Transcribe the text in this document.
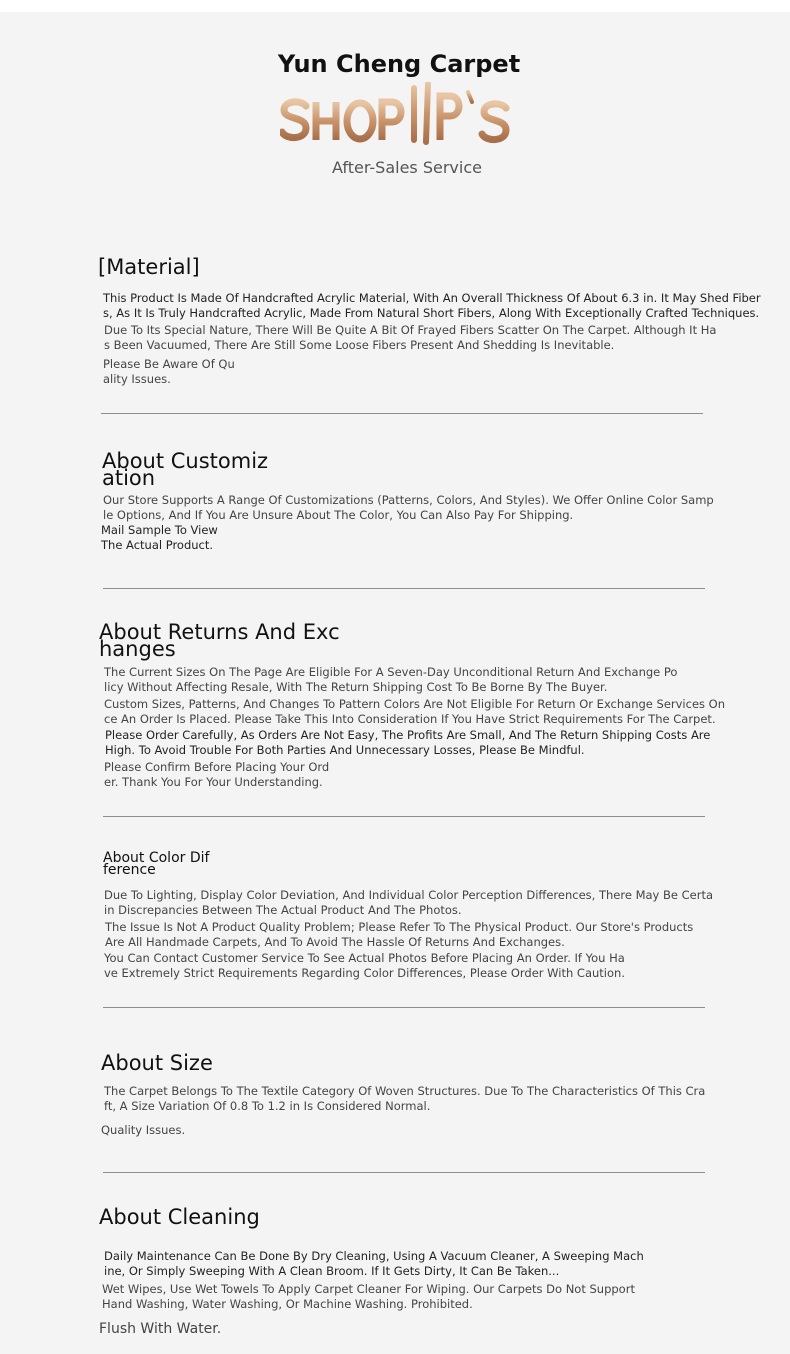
Yun Cheng Carpet
After-Sales Service
[Material]
This Product Is Made Of Handcrafted Acrylic Material, With An Overall Thickness Of About 6.3 in. It May Shed Fiber
s, As It Is Truly Handcrafted Acrylic, Made From Natural Short Fibers, Along With Exceptionally Crafted Techniques.
Due To Its Special Nature, There Will Be Quite A Bit Of Frayed Fibers Scatter On The Carpet. Although It Ha
s Been Vacuumed, There Are Still Some Loose Fibers Present And Shedding Is Inevitable.
Please Be Aware Of Qu
ality Issues.
About Customiz
ation
Our Store Supports A Range Of Customizations (Patterns, Colors, And Styles). We Offer Online Color Samp
le Options, And If You Are Unsure About The Color, You Can Also Pay For Shipping.
Mail Sample To View
The Actual Product.
About Returns And Exc
hanges
The Current Sizes On The Page Are Eligible For A Seven-Day Unconditional Return And Exchange Po
licy Without Affecting Resale, With The Return Shipping Cost To Be Borne By The Buyer.
Custom Sizes, Patterns, And Changes To Pattern Colors Are Not Eligible For Return Or Exchange Services On
ce An Order Is Placed. Please Take This Into Consideration If You Have Strict Requirements For The Carpet.
Please Order Carefully, As Orders Are Not Easy, The Profits Are Small, And The Return Shipping Costs Are
High. To Avoid Trouble For Both Parties And Unnecessary Losses, Please Be Mindful.
Please Confirm Before Placing Your Ord
er. Thank You For Your Understanding.
About Color Dif
ference
Due To Lighting, Display Color Deviation, And Individual Color Perception Differences, There May Be Certa
in Discrepancies Between The Actual Product And The Photos.
The Issue Is Not A Product Quality Problem; Please Refer To The Physical Product. Our Store's Products
Are All Handmade Carpets, And To Avoid The Hassle Of Returns And Exchanges.
You Can Contact Customer Service To See Actual Photos Before Placing An Order. If You Ha
ve Extremely Strict Requirements Regarding Color Differences, Please Order With Caution.
About Size
The Carpet Belongs To The Textile Category Of Woven Structures. Due To The Characteristics Of This Cra
ft, A Size Variation Of 0.8 To 1.2 in Is Considered Normal.
Quality Issues.
About Cleaning
Daily Maintenance Can Be Done By Dry Cleaning, Using A Vacuum Cleaner, A Sweeping Mach
ine, Or Simply Sweeping With A Clean Broom. If It Gets Dirty, It Can Be Taken...
Wet Wipes, Use Wet Towels To Apply Carpet Cleaner For Wiping. Our Carpets Do Not Support
Hand Washing, Water Washing, Or Machine Washing. Prohibited.
Flush With Water.
